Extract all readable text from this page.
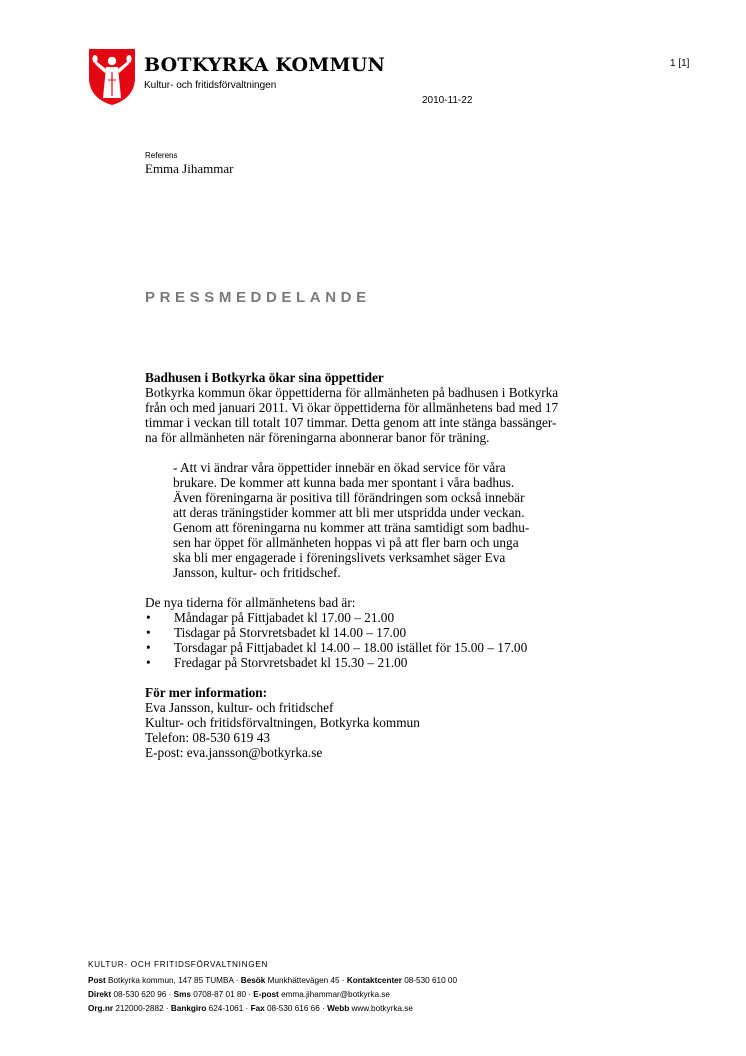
BOTKYRKA KOMMUN
Kultur- och fritidsförvaltningen
2010-11-22
1 [1]
Referens
Emma Jihammar
PRESSMEDDELANDE

Badhusen i Botkyrka ökar sina öppettider

Botkyrka kommun ökar öppettiderna för allmänheten på badhusen i Botkyrka

från och med januari 2011. Vi ökar öppettiderna för allmänhetens bad med 17

timmar i veckan till totalt 107 timmar. Detta genom att inte stänga bassänger-

na för allmänheten när föreningarna abonnerar banor för träning.

- Att vi ändrar våra öppettider innebär en ökad service för våra

brukare. De kommer att kunna bada mer spontant i våra badhus.

Även föreningarna är positiva till förändringen som också innebär

att deras träningstider kommer att bli mer utspridda under veckan.

Genom att föreningarna nu kommer att träna samtidigt som badhu-

sen har öppet för allmänheten hoppas vi på att fler barn och unga

ska bli mer engagerade i föreningslivets verksamhet säger Eva

Jansson, kultur- och fritidschef.

De nya tiderna för allmänhetens bad är:

• Måndagar på Fittjabadet kl 17.00 – 21.00
• Tisdagar på Storvretsbadet kl 14.00 – 17.00
• Torsdagar på Fittjabadet kl 14.00 – 18.00 istället för 15.00 – 17.00
• Fredagar på Storvretsbadet kl 15.30 – 21.00

För mer information:

Eva Jansson, kultur- och fritidschef

Kultur- och fritidsförvaltningen, Botkyrka kommun

Telefon: 08-530 619 43

E-post: eva.jansson@botkyrka.se

KULTUR- OCH FRITIDSFÖRVALTNINGEN
Post Botkyrka kommun, 147 85 TUMBA · Besök Munkhättevägen 45 · Kontaktcenter 08-530 610 00
Direkt 08-530 620 96 · Sms 0708-87 01 80 · E-post emma.jihammar@botkyrka.se
Org.nr 212000-2882 · Bankgiro 624-1061 · Fax 08-530 616 66 · Webb www.botkyrka.se
